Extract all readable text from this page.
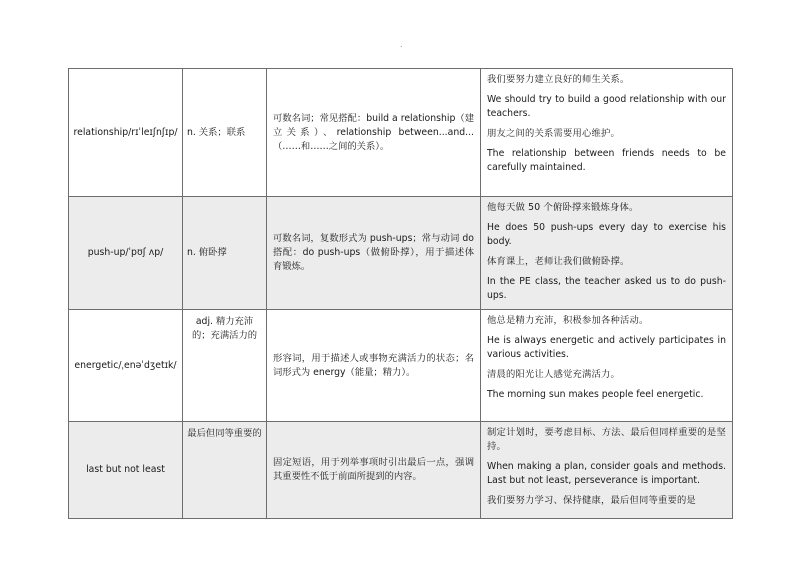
.
relationship/rɪˈleɪʃnʃɪp/	n. 关系；联系	可数名词；常见搭配：build a relationship（建立关系）、relationship between...and...（……和……之间的关系）。	我们要努力建立良好的师生关系。

We should try to build a good relationship with our teachers.

朋友之间的关系需要用心维护。

The relationship between friends needs to be carefully maintained.

push-up/ˈpʊʃ ʌp/	n. 俯卧撑	可数名词，复数形式为 push-ups；常与动词 do 搭配：do push-ups（做俯卧撑），用于描述体育锻炼。	他每天做 50 个俯卧撑来锻炼身体。

He does 50 push-ups every day to exercise his body.

体育课上，老师让我们做俯卧撑。

In the PE class, the teacher asked us to do push-ups.

energetic/ˌenəˈdʒetɪk/	adj. 精力充沛的；充满活力的	形容词，用于描述人或事物充满活力的状态；名词形式为 energy（能量；精力）。	他总是精力充沛，积极参加各种活动。

He is always energetic and actively participates in various activities.

清晨的阳光让人感觉充满活力。

The morning sun makes people feel energetic.

last but not least	最后但同等重要的	固定短语，用于列举事项时引出最后一点，强调其重要性不低于前面所提到的内容。	制定计划时，要考虑目标、方法、最后但同样重要的是坚持。

When making a plan, consider goals and methods. Last but not least, perseverance is important.

我们要努力学习、保持健康，最后但同等重要的是
